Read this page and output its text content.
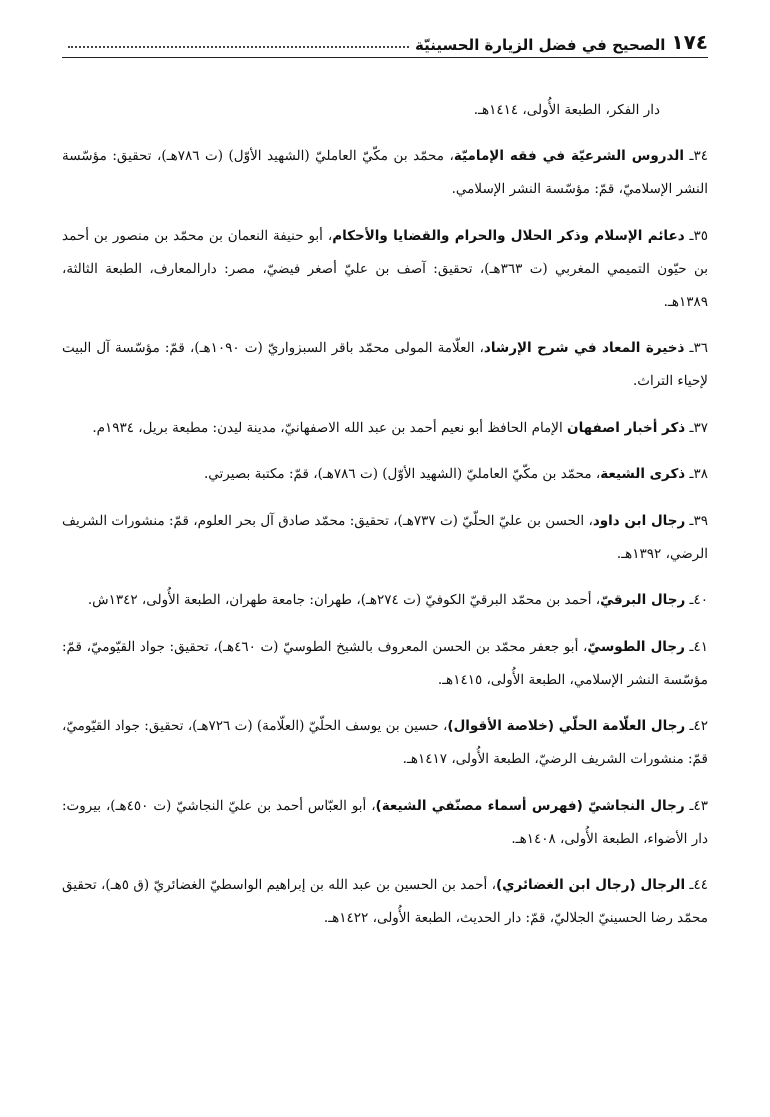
١٧٤
الصحيح في فضل الزيارة الحسينيّة

دار الفكر، الطبعة الأُولى، ١٤١٤هـ.

٣٤ـ الدروس الشرعيّة في فقه الإماميّة، محمّد بن مكّيّ العامليّ (الشهيد الأوّل) (ت ٧٨٦هـ)، تحقيق: مؤسّسة النشر الإسلاميّ، قمّ: مؤسّسة النشر الإسلامي.

٣٥ـ دعائم الإسلام وذكر الحلال والحرام والقضايا والأحكام، أبو حنيفة النعمان بن محمّد بن منصور بن أحمد بن حيّون التميمي المغربي (ت ٣٦٣هـ)، تحقيق: آصف بن عليّ أصغر فيضيّ، مصر: دارالمعارف، الطبعة الثالثة، ١٣٨٩هـ.

٣٦ـ ذخيرة المعاد في شرح الإرشاد، العلّامة المولى محمّد باقر السبزواريّ (ت ١٠٩٠هـ)، قمّ: مؤسّسة آل البيت لإحياء التراث.

٣٧ـ ذكر أخبار اصفهان الإمام الحافظ أبو نعيم أحمد بن عبد الله الاصفهانيّ، مدينة ليدن: مطبعة بريل، ١٩٣٤م.

٣٨ـ ذكرى الشيعة، محمّد بن مكّيّ العامليّ (الشهيد الأوّل) (ت ٧٨٦هـ)، قمّ: مكتبة بصيرتي.

٣٩ـ رجال ابن داود، الحسن بن عليّ الحلّيّ (ت ٧٣٧هـ)، تحقيق: محمّد صادق آل بحر العلوم، قمّ: منشورات الشريف الرضي، ١٣٩٢هـ.

٤٠ـ رجال البرقيّ، أحمد بن محمّد البرقيّ الكوفيّ (ت ٢٧٤هـ)، طهران: جامعة طهران، الطبعة الأُولى، ١٣٤٢ش.

٤١ـ رجال الطوسيّ، أبو جعفر محمّد بن الحسن المعروف بالشيخ الطوسيّ (ت ٤٦٠هـ)، تحقيق: جواد القيّوميّ، قمّ: مؤسّسة النشر الإسلامي، الطبعة الأُولى، ١٤١٥هـ.

٤٢ـ رجال العلّامة الحلّي (خلاصة الأقوال)، حسين بن يوسف الحلّيّ (العلّامة) (ت ٧٢٦هـ)، تحقيق: جواد القيّوميّ، قمّ: منشورات الشريف الرضيّ، الطبعة الأُولى، ١٤١٧هـ.

٤٣ـ رجال النجاشيّ (فهرس أسماء مصنّفي الشيعة)، أبو العبّاس أحمد بن عليّ النجاشيّ (ت ٤٥٠هـ)، بيروت: دار الأضواء، الطبعة الأُولى، ١٤٠٨هـ.

٤٤ـ الرجال (رجال ابن الغضائري)، أحمد بن الحسين بن عبد الله بن إبراهيم الواسطيّ الغضائريّ (ق ٥هـ)، تحقيق محمّد رضا الحسينيّ الجلاليّ، قمّ: دار الحديث، الطبعة الأُولى، ١٤٢٢هـ.
